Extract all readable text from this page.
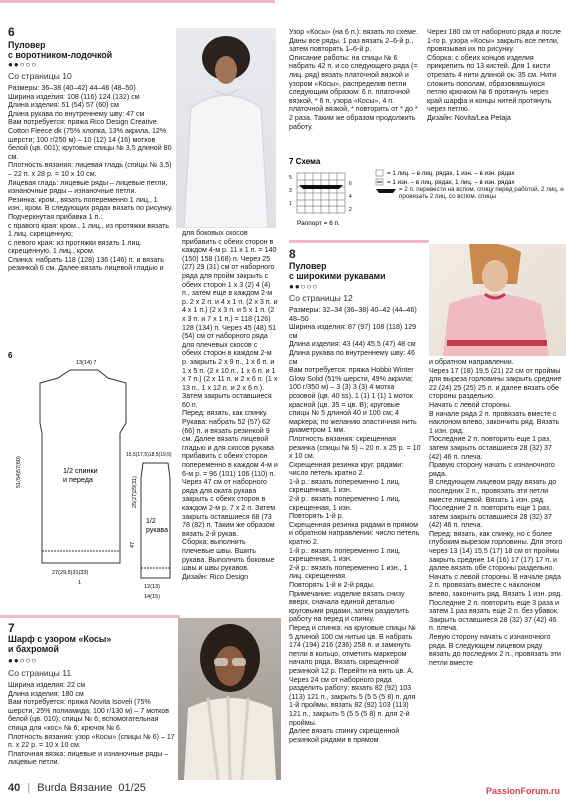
6
Пуловер
с воротником-лодочкой
●●○○○
Со страницы 10
Размеры: 36–38 (40–42) 44–46 (48–50)
Ширина изделия: 108 (116) 124 (132) см
Длина изделия: 51 (54) 57 (60) см
Длина рукава по внутреннему шву: 47 см
Вам потребуется: пряжа Rico Design Creative Cotton Fleece dk (75% хлопка, 13% акрила, 12% шерсти; 100 г/250 м) – 10 (12) 14 (16) мотков белой (цв. 001); круговые спицы № 3,5 длиной 80 см.
Плотность вязания: лицевая гладь (спицы № 3,5) – 22 п. х 28 р. = 10 х 10 см.
Лицевая гладь: лицевые ряды – лицевые петли, изнаночные ряды – изнаночные петли.
Резинка: кром., вязать попеременно 1 лиц., 1 изн., кром. В следующих рядах вязать по рисунку.
Подчеркнутая прибавка 1 п.:
с правого края: кром., 1 лиц., из протяжки вязать 1 лиц. скрещенную;
с левого края: из протяжки вязать 1 лиц. скрещенную, 1 лиц., кром.
Спинка: набрать 118 (128) 136 (146) п. и вязать резинкой 6 см. Далее вязать лицевой гладью и
для боковых скосов прибавить с обеих сторон в каждом 4-м р. 11 х 1 п. = 140 (150) 158 (168) п. Через 25 (27) 29 (31) см от наборного ряда для пройм закрыть с обеих сторон 1 х 3 (2) 4 (4) п., затем еще в каждом 2-м р. 2 х 2 п. и 4 х 1 п. (2 х 3 п. и 4 х 1 п.) (2 х 3 п. и 5 х 1 п. (2 х 3 п. и 7 х 1 п.) = 118 (126) 128 (134) п. Через 45 (48) 51 (54) см от наборного ряда для плечевых скосов с обеих сторон в каждом 2-м р. закрыть 2 х 9 п., 1 х 6 п. и 1 х 5 п. (2 х 10 п., 1 х 6 п. и 1 х 7 п.) (2 х 11 п. и 2 х 6 п. (1 х 13 п., 1 х 12 п. и 2 х 6 п.). Затем закрыть оставшиеся 60 п.
Перед: вязать, как спинку.
Рукава: набрать 52 (57) 62 (66) п. и вязать резинкой 9 см. Далее вязать лицевой гладью и для скосов рукава прибавить с обеих сторон попеременно в каждом 4-м и 6-м р. = 96 (101) 106 (110) п. Через 47 см от наборного ряда для оката рукава закрыть с обеих сторон в каждом 2-м р. 7 х 2 п. Затем закрыть оставшиеся 68 (73 78 (82) п. Таким же образом вязать 2-й рукав.
Сборка: выполнить плечевые швы. Вшить рукава. Выполнить боковые швы и швы рукавов.
Дизайн: Rico Design
6
1/2 спинки и переда
13(14) 7
51(54)57(60)
25(27)29(31)
27(29,5)31(33)
1
1/2 рукава
15,5(17,5)18,5(19,5)
47
12(13)
14(15)
7
Шарф с узором «Косы»
и бахромой
●●○○○
Со страницы 11
Ширина изделия: 22 см
Длина изделия: 180 см
Вам потребуется: пряжа Novita Isoveli (75% шерсти, 25% полиамида; 100 г/130 м) – 7 мотков белой (цв. 010); спицы № 6; вспомогательная спица для «кос» № 6; крючок № 6.
Плотность вязания: узор «Косы» (спицы № 6) – 17 п. х 22 р. = 10 х 10 см.
Платочная вязка: лицевые и изнаночные ряды – лицевые петли.
Узор «Косы» (на 6 п.): вязать по схеме. Даны все ряды. 1 раз вязать 2–6-й р., затем повторять 1–6-й р.
Описание работы: на спицы № 6 набрать 42 п. и со следующего ряда (= лиц. ряд) вязать платочной вязкой и узором «Косы», распределив петли следующим образом: 6 п. платочной вязкой, * 6 п. узора «Косы», 4 п. платочной вязкой, * повторить от * до * 2 раза. Таким же образом продолжить работу.
7 Схема
5
3
1
6
4
2
Раппорт = 6 п.
= 1 лиц. – в лиц. рядах, 1 изн. – в изн. рядах
= 1 изн. – в лиц. рядах, 1 лиц. – в изн. рядах
= 2 п. перевести на вспом. спицу перед работой, 2 лиц. и провязать 2 лиц. со вспом. спицы
8
Пуловер
с широкими рукавами
●●○○○
Со страницы 12
Размеры: 32–34 (36–38) 40–42 (44–46) 48–50
Ширина изделия: 87 (97) 108 (118) 129 см
Длина изделия: 43 (44) 45,5 (47) 48 см
Длина рукава по внутреннему шву: 46 см
Вам потребуется: пряжа Hobbii Winter Glow Solid (51% шерсти, 49% акрила; 100 г/350 м) – 3 (3) 3 (3) 4 мотка розовой (цв. 40 ss), 1 (1) 1 (1) 1 моток красной (цв. 35 = цв. B); круговые спицы № 5 длиной 40 и 100 см; 4 маркера; по желанию эластичная нить диаметром 1 мм.
Плотность вязания: скрещенная резинка (спицы № 5) – 20 п. х 25 р. = 10 х 10 см.
Скрещенная резинка круг. рядами: число петель кратно 2.
1-й р.: вязать попеременно 1 лиц. скрещенная, 1 изн.
2-й р.: вязать попеременно 1 лиц. скрещенная, 1 изн.
Повторять 1-й р.
Скрещенная резинка рядами в прямом и обратном направлении: число петель кратно 2.
1-й р.: вязать попеременно 1 лиц. скрещенная, 1 изн.
2-й р.: вязать попеременно 1 изн., 1 лиц. скрещенная.
Повторять 1-й и 2-й ряды.
Примечание: изделие вязать снизу вверх, сначала единой деталью круговыми рядами, затем разделить работу на перед и спинку.
Перед и спинка: на круговые спицы № 5 длиной 100 см нитью цв. B набрать 174 (194) 216 (236) 258 п. и замкнуть петли в кольцо, отметить маркером начало ряда. Вязать скрещенной резинкой 12 р. Перейти на нить цв. A.
Через 24 см от наборного ряда разделить работу: вязать 82 (92) 103 (113) 121 п., закрыть 5 (5 5 (5 8) п. для 1-й проймы, вязать 82 (92) 103 (113) 121 п., закрыть 5 (5 5 (5 8) п. для 2-й проймы.
Далее вязать спинку скрещенной резинкой рядами в прямом
Через 180 см от наборного ряда и после 1-го р. узора «Косы» закрыть все петли, провязывая их по рисунку.
Сборка: с обеих концов изделия прикрепить по 13 кистей. Для 1 кисти отрезать 4 нити длиной ок. 35 см. Нити сложить пополам, образовавшуюся петлю крючком № 6 протянуть через край шарфа и концы нитей протянуть через петлю.
Дизайн: Novita/Lea Petaja
и обратном направлении.
Через 17 (18) 19,5 (21) 22 см от проймы для выреза горловины закрыть средние 22 (24) 25 (25) 25 п. и далее вязать обе стороны раздельно.
Начать с левой стороны.
В начале ряда 2 п. провязать вместе с наклоном влево, закончить ряд. Вязать 1 изн. ряд.
Последние 2 п. повторить еще 1 раз, затем закрыть оставшиеся 28 (32) 37 (42) 46 п. плеча.
Правую сторону начать с изнаночного ряда.
В следующем лицевом ряду вязать до последних 2 п., провязать эти петли вместе лицевой. Вязать 1 изн. ряд.
Последние 2 п. повторить еще 1 раз, затем закрыть оставшиеся 28 (32) 37 (42) 46 п. плеча.
Перед: вязать, как спинку, но с более глубоким вырезом горловины. Для этого через 13 (14) 15,5 (17) 18 см от проймы закрыть средние 14 (16) 17 (17) 17 п. и далее вязать обе стороны раздельно.
Начать с левой стороны. В начале ряда 2 п. провязать вместе с наклоном влево, закончить ряд. Вязать 1 изн. ряд. Последние 2 п. повторить еще 3 раза и затем 1 раз вязать еще 2 п. без убавок. Закрыть оставшиеся 28 (32) 37 (42) 46 п. плеча.
Левую сторону начать с изнаночного ряда. В следующем лицевом ряду вязать до последних 2 п., провязать эти петли вместе
40 | Burda Вязание 01/25	PassionForum.ru
